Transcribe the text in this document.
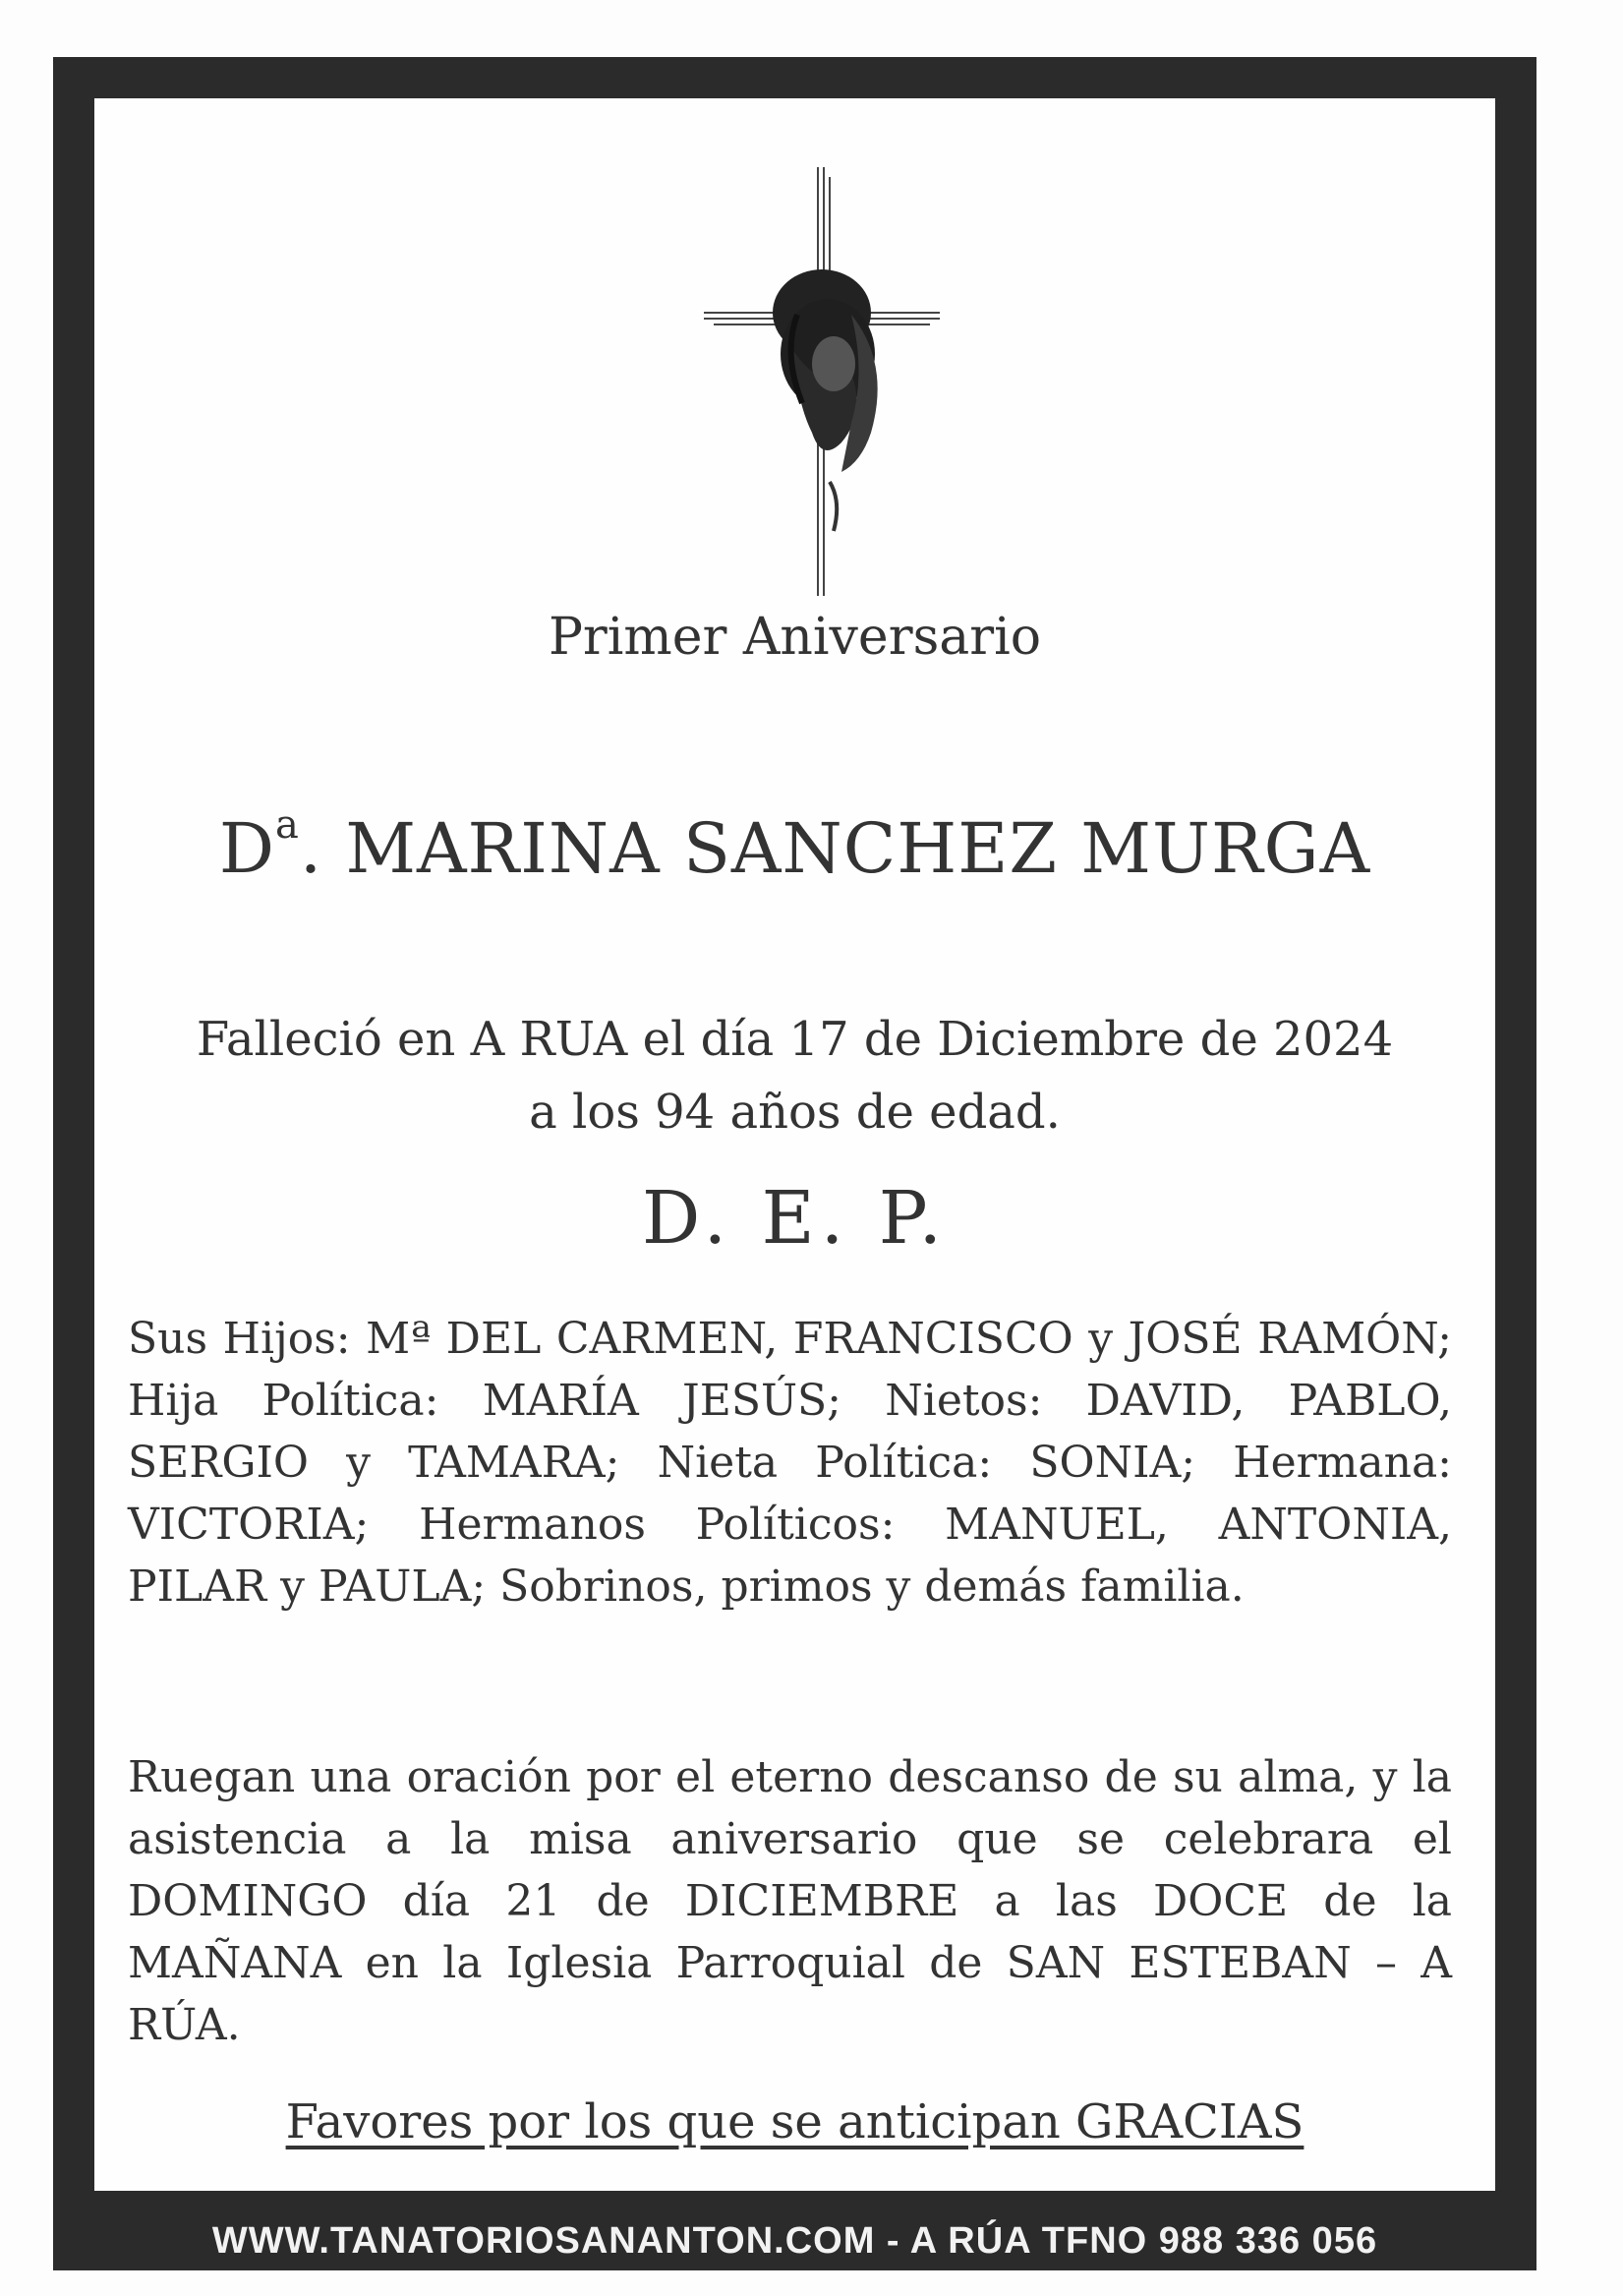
Primer Aniversario
$D^a$. MARINA SANCHEZ MURGA
Falleció en A RUA el día 17 de Diciembre de 2024
a los 94 años de edad.
D. E. P.
Sus Hijos: Mª DEL CARMEN, FRANCISCO y JOSÉ RAMÓN; Hija Política: MARÍA JESÚS; Nietos: DAVID, PABLO, SERGIO y TAMARA; Nieta Política: SONIA; Hermana: VICTORIA; Hermanos Políticos: MANUEL, ANTONIA, PILAR y PAULA; Sobrinos, primos y demás familia.
Ruegan una oración por el eterno descanso de su alma, y la asistencia a la misa aniversario que se celebrara el DOMINGO día 21 de DICIEMBRE a las DOCE de la MAÑANA en la Iglesia Parroquial de SAN ESTEBAN – A RÚA.
Favores por los que se anticipan GRACIAS
WWW.TANATORIOSANANTON.COM - A RÚA TFNO 988 336 056
